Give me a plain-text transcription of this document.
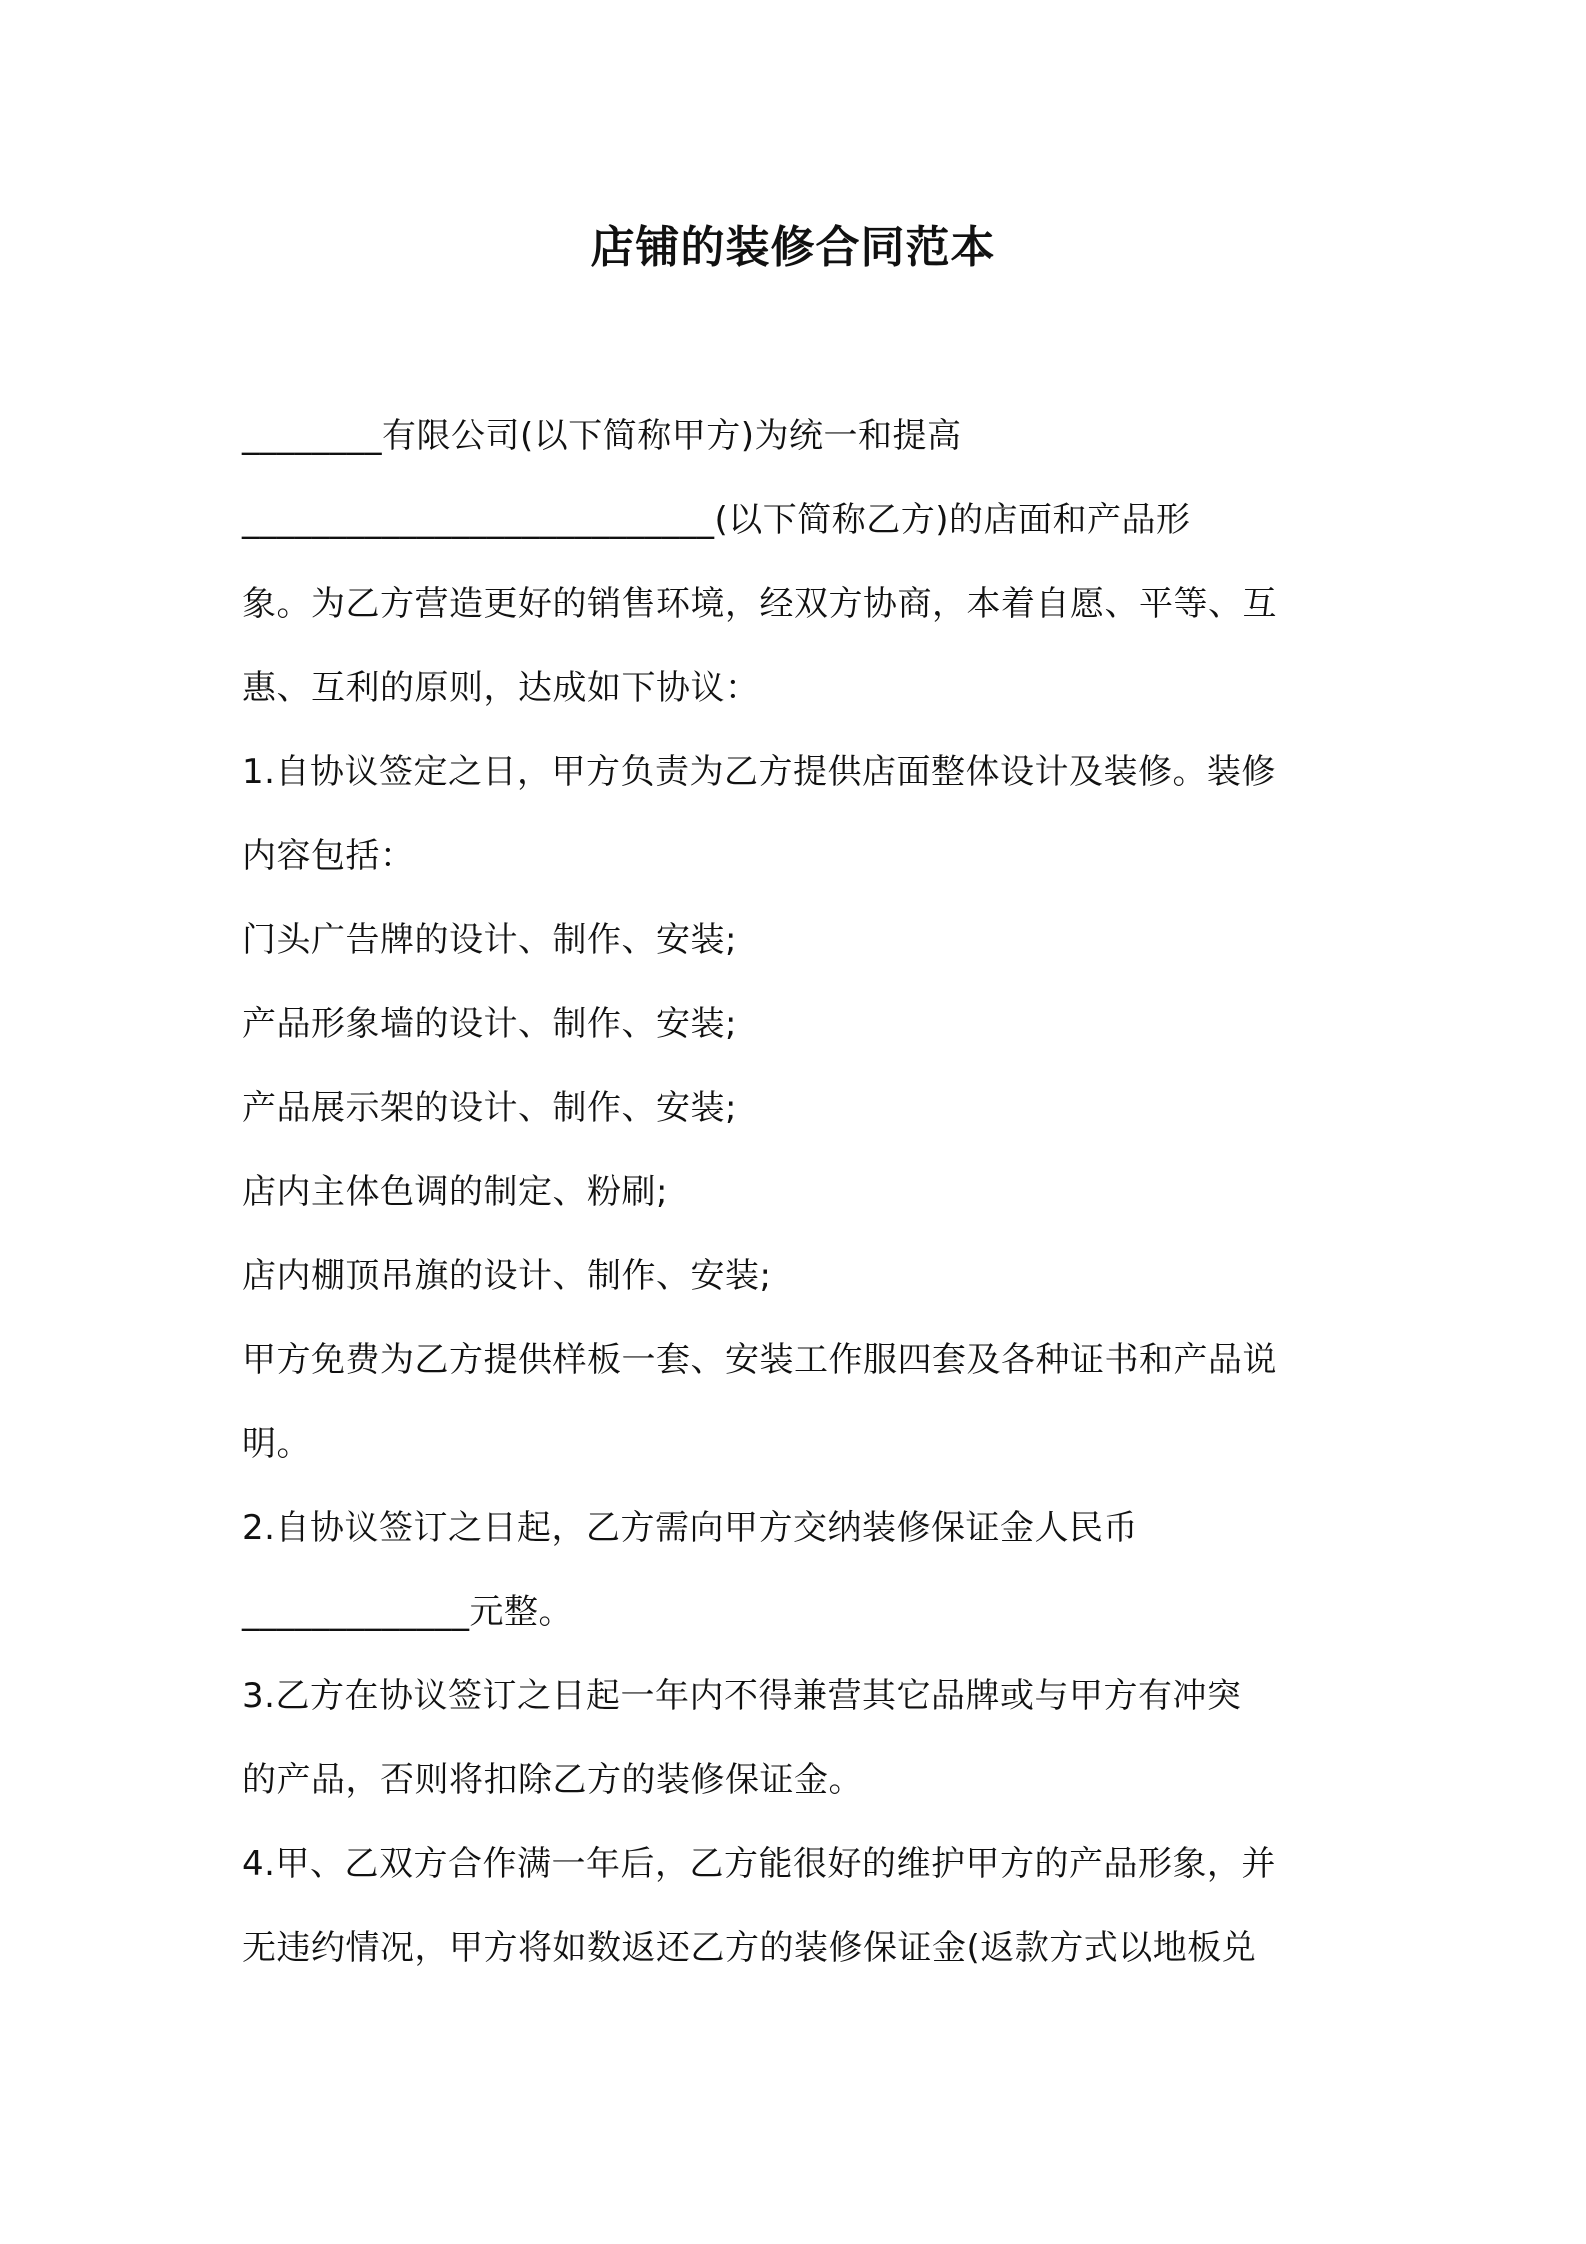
店铺的装修合同范本
________有限公司(以下简称甲方)为统一和提高
___________________________(以下简称乙方)的店面和产品形
象。为乙方营造更好的销售环境，经双方协商，本着自愿、平等、互
惠、互利的原则，达成如下协议：
1.自协议签定之日，甲方负责为乙方提供店面整体设计及装修。装修
内容包括：
门头广告牌的设计、制作、安装;
产品形象墙的设计、制作、安装;
产品展示架的设计、制作、安装;
店内主体色调的制定、粉刷;
店内棚顶吊旗的设计、制作、安装;
甲方免费为乙方提供样板一套、安装工作服四套及各种证书和产品说
明。
2.自协议签订之日起，乙方需向甲方交纳装修保证金人民币
_____________元整。
3.乙方在协议签订之日起一年内不得兼营其它品牌或与甲方有冲突
的产品，否则将扣除乙方的装修保证金。
4.甲、乙双方合作满一年后，乙方能很好的维护甲方的产品形象，并
无违约情况，甲方将如数返还乙方的装修保证金(返款方式以地板兑
